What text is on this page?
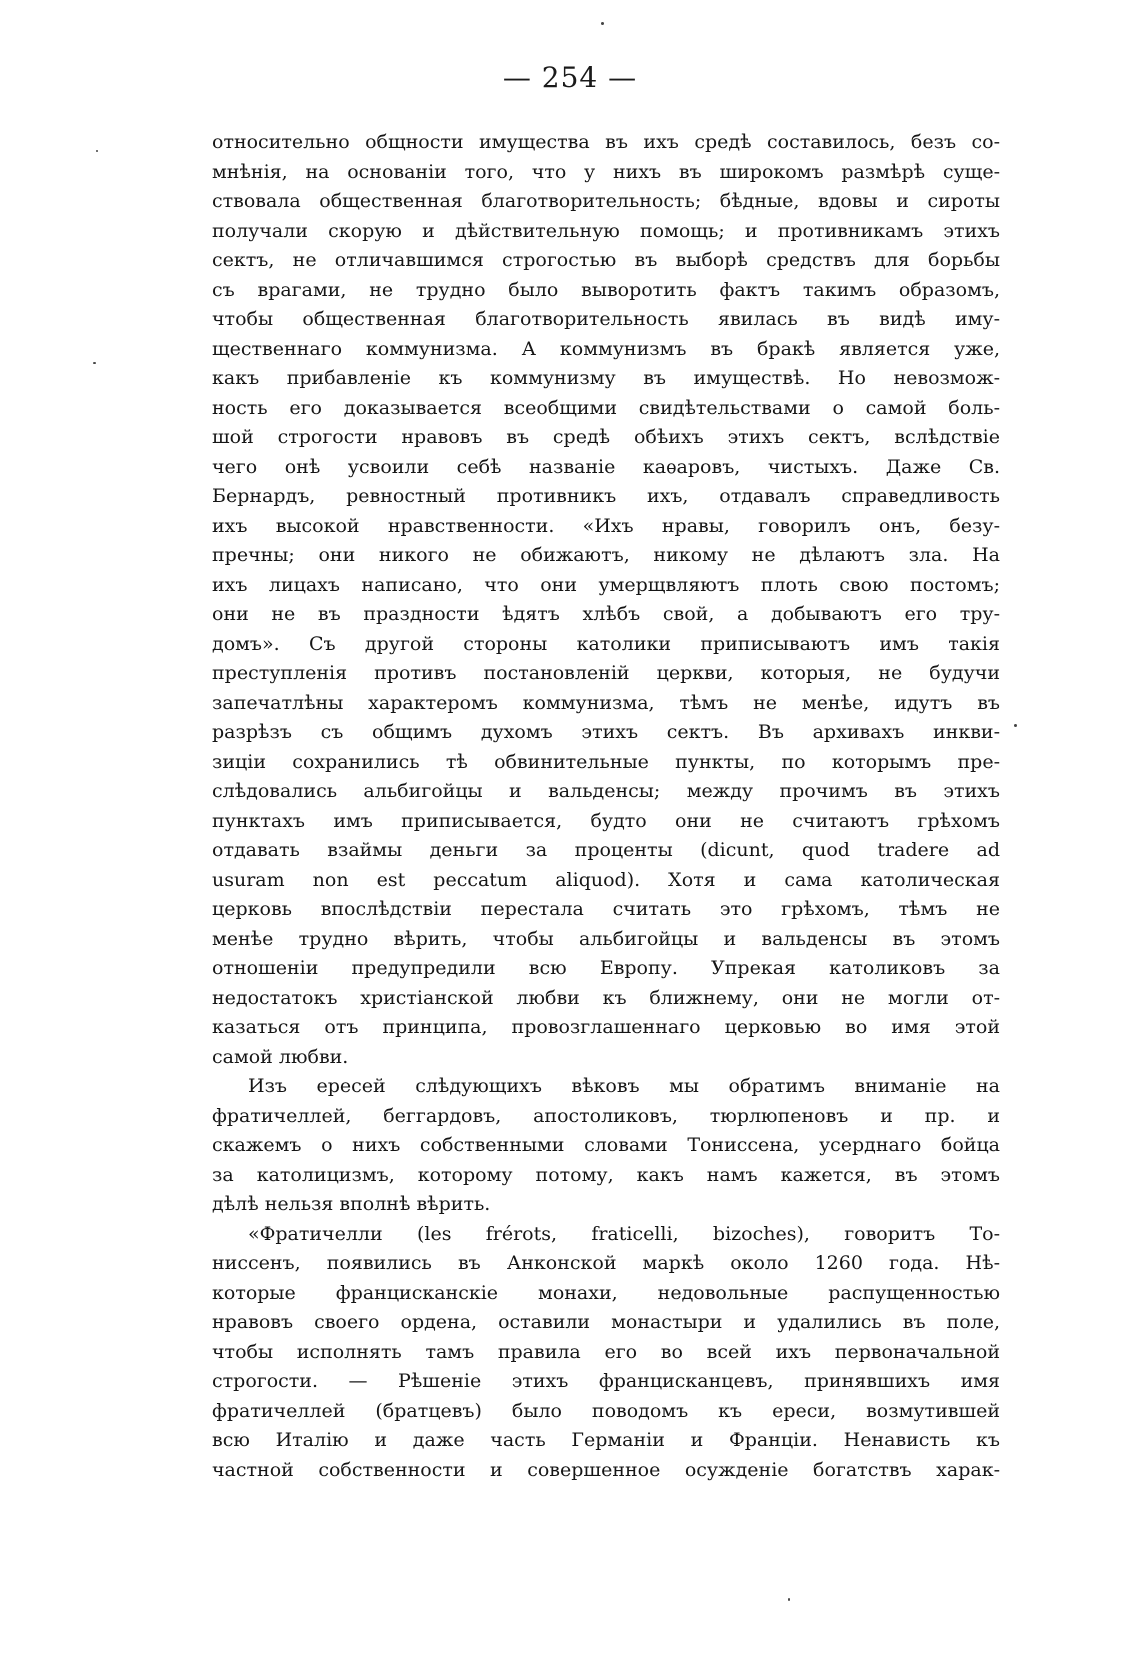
— 254 —
относительно общности имущества въ ихъ средѣ составилось, безъ со-
мнѣнія, на основаніи того, что у нихъ въ широкомъ размѣрѣ суще-
ствовала общественная благотворительность; бѣдные, вдовы и сироты
получали скорую и дѣйствительную помощь; и противникамъ этихъ
сектъ, не отличавшимся строгостью въ выборѣ средствъ для борьбы
съ врагами, не трудно было выворотить фактъ такимъ образомъ,
чтобы общественная благотворительность явилась въ видѣ иму-
щественнаго коммунизма. А коммунизмъ въ бракѣ является уже,
какъ прибавленіе къ коммунизму въ имуществѣ. Но невозмож-
ность его доказывается всеобщими свидѣтельствами о самой боль-
шой строгости нравовъ въ средѣ обѣихъ этихъ сектъ, вслѣдствіе
чего онѣ усвоили себѣ названіе каѳаровъ, чистыхъ. Даже Св.
Бернардъ, ревностный противникъ ихъ, отдавалъ справедливость
ихъ высокой нравственности. «Ихъ нравы, говорилъ онъ, безу-
пречны; они никого не обижаютъ, никому не дѣлаютъ зла. На
ихъ лицахъ написано, что они умерщвляютъ плоть свою постомъ;
они не въ праздности ѣдятъ хлѣбъ свой, а добываютъ его тру-
домъ». Съ другой стороны католики приписываютъ имъ такія
преступленія противъ постановленій церкви, которыя, не будучи
запечатлѣны характеромъ коммунизма, тѣмъ не менѣе, идутъ въ
разрѣзъ съ общимъ духомъ этихъ сектъ. Въ архивахъ инкви-
зиціи сохранились тѣ обвинительные пункты, по которымъ пре-
слѣдовались альбигойцы и вальденсы; между прочимъ въ этихъ
пунктахъ имъ приписывается, будто они не считаютъ грѣхомъ
отдавать взаймы деньги за проценты (dicunt, quod tradere ad
usuram non est peccatum aliquod). Хотя и сама католическая
церковь впослѣдствіи перестала считать это грѣхомъ, тѣмъ не
менѣе трудно вѣрить, чтобы альбигойцы и вальденсы въ этомъ
отношеніи предупредили всю Европу. Упрекая католиковъ за
недостатокъ христіанской любви къ ближнему, они не могли от-
казаться отъ принципа, провозглашеннаго церковью во имя этой
самой любви.
Изъ ересей слѣдующихъ вѣковъ мы обратимъ вниманіе на
фратичеллей, беггардовъ, апостоликовъ, тюрлюпеновъ и пр. и
скажемъ о нихъ собственными словами Тониссена, усерднаго бойца
за католицизмъ, которому потому, какъ намъ кажется, въ этомъ
дѣлѣ нельзя вполнѣ вѣрить.
«Фратичелли (les frérots, fraticelli, bizoches), говоритъ То-
ниссенъ, появились въ Анконской маркѣ около 1260 года. Нѣ-
которые францисканскіе монахи, недовольные распущенностью
нравовъ своего ордена, оставили монастыри и удалились въ поле,
чтобы исполнять тамъ правила его во всей ихъ первоначальной
строгости. — Рѣшеніе этихъ францисканцевъ, принявшихъ имя
фратичеллей (братцевъ) было поводомъ къ ереси, возмутившей
всю Италію и даже часть Германіи и Франціи. Ненависть къ
частной собственности и совершенное осужденіе богатствъ харак-
